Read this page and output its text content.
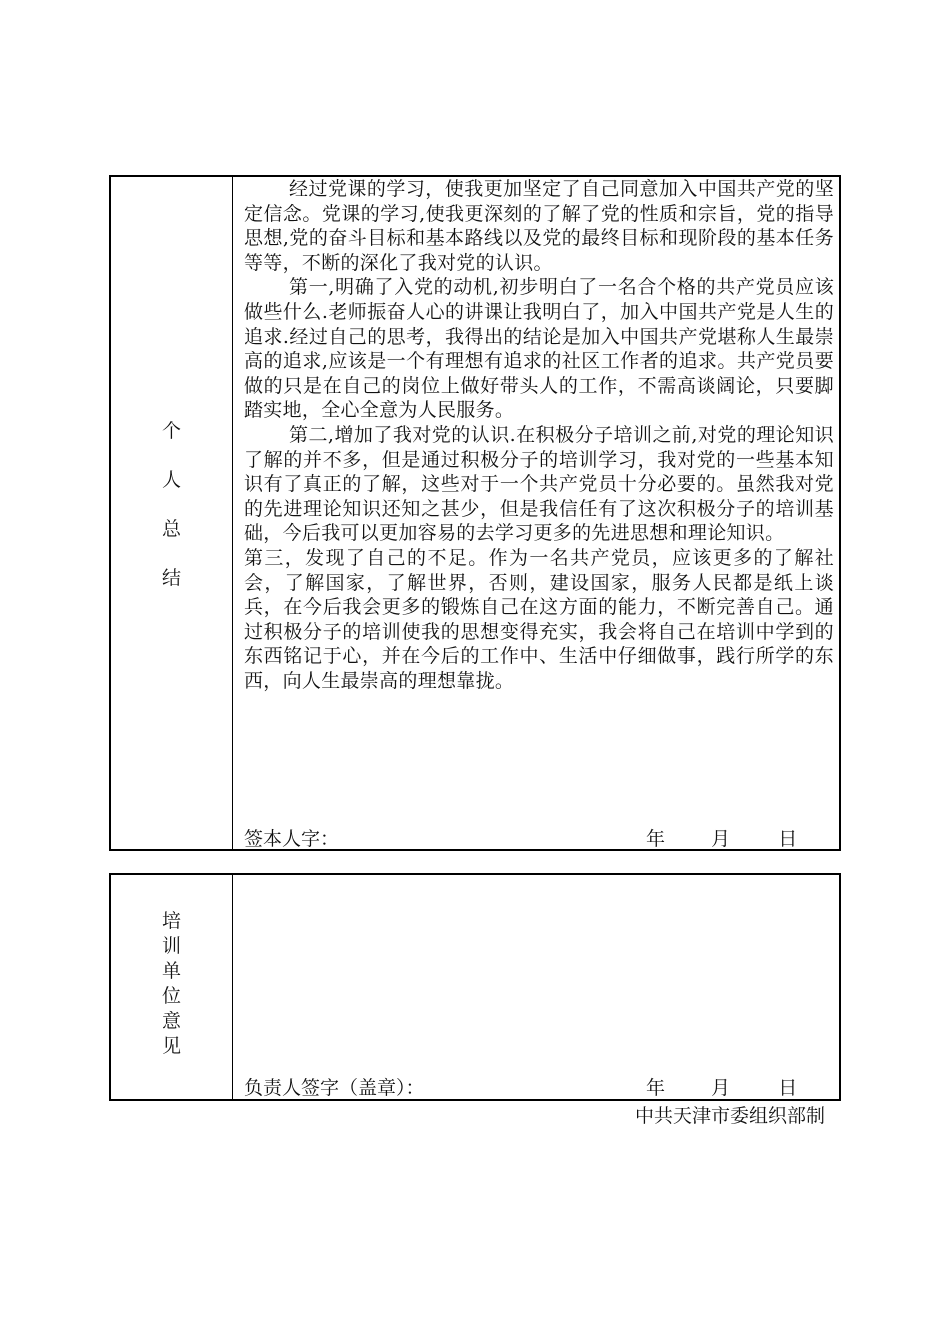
个
人
总
结

经过党课的学习，使我更加坚定了自己同意加入中国共产党的坚定信念。党课的学习,使我更深刻的了解了党的性质和宗旨，党的指导思想,党的奋斗目标和基本路线以及党的最终目标和现阶段的基本任务等等，不断的深化了我对党的认识。

第一,明确了入党的动机,初步明白了一名合个格的共产党员应该做些什么.老师振奋人心的讲课让我明白了，加入中国共产党是人生的追求.经过自己的思考，我得出的结论是加入中国共产党堪称人生最崇高的追求,应该是一个有理想有追求的社区工作者的追求。共产党员要做的只是在自己的岗位上做好带头人的工作，不需高谈阔论，只要脚踏实地，全心全意为人民服务。

第二,增加了我对党的认识.在积极分子培训之前,对党的理论知识了解的并不多，但是通过积极分子的培训学习，我对党的一些基本知识有了真正的了解，这些对于一个共产党员十分必要的。虽然我对党的先进理论知识还知之甚少，但是我信任有了这次积极分子的培训基础，今后我可以更加容易的去学习更多的先进思想和理论知识。

第三，发现了自己的不足。作为一名共产党员，应该更多的了解社会，了解国家，了解世界，否则，建设国家，服务人民都是纸上谈兵，在今后我会更多的锻炼自己在这方面的能力，不断完善自己。通过积极分子的培训使我的思想变得充实，我会将自己在培训中学到的东西铭记于心，并在今后的工作中、生活中仔细做事，践行所学的东西，向人生最崇高的理想靠拢。

签本人字：	年 月	日
培
训
单
位
意
见
负责人签字（盖章）：	年 月	日
中共天津市委组织部制
